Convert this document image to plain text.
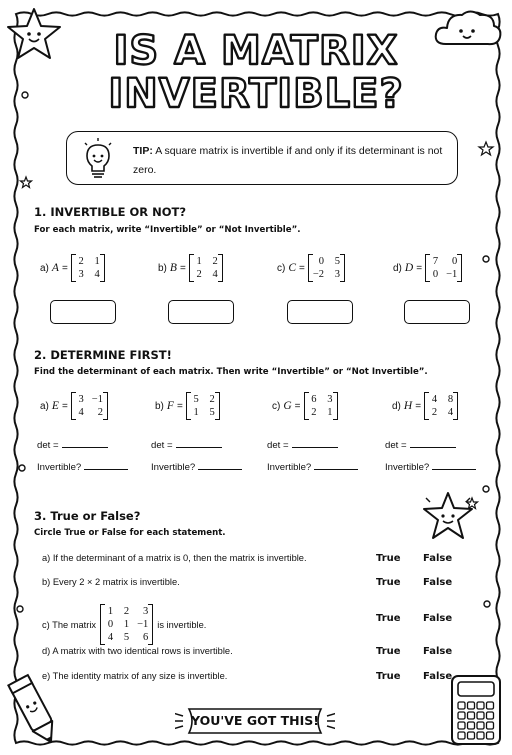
IS A MATRIX
INVERTIBLE?
TIP: A square matrix is invertible if and only if its determinant is not zero.
1. INVERTIBLE OR NOT?
For each matrix, write “Invertible” or “Not Invertible”.
a) A =
2 1
3 4
b) B =
1 2
2 4
c) C =
0 5
−2 3
d) D =
7	0
0 −1
2. DETERMINE FIRST!
Find the determinant of each matrix. Then write “Invertible” or “Not Invertible”.
a) E =
3 −1
4	2
b) F =
5 2
1 5
c) G =
6 3
2 1
d) H =
4 8
2 4
det =
Invertible?
det =
Invertible?
det =
Invertible?
det =
Invertible?
3. True or False?
Circle True or False for each statement.
a) If the determinant of a matrix is 0, then the matrix is invertible.	True False
b) Every 2 × 2 matrix is invertible.	True False
c) The matrix
1 2	3
0 1 −1
4 5	6
is invertible.
True False
d) A matrix with two identical rows is invertible.	True False
e) The identity matrix of any size is invertible.	True False
YOU'VE GOT THIS!
